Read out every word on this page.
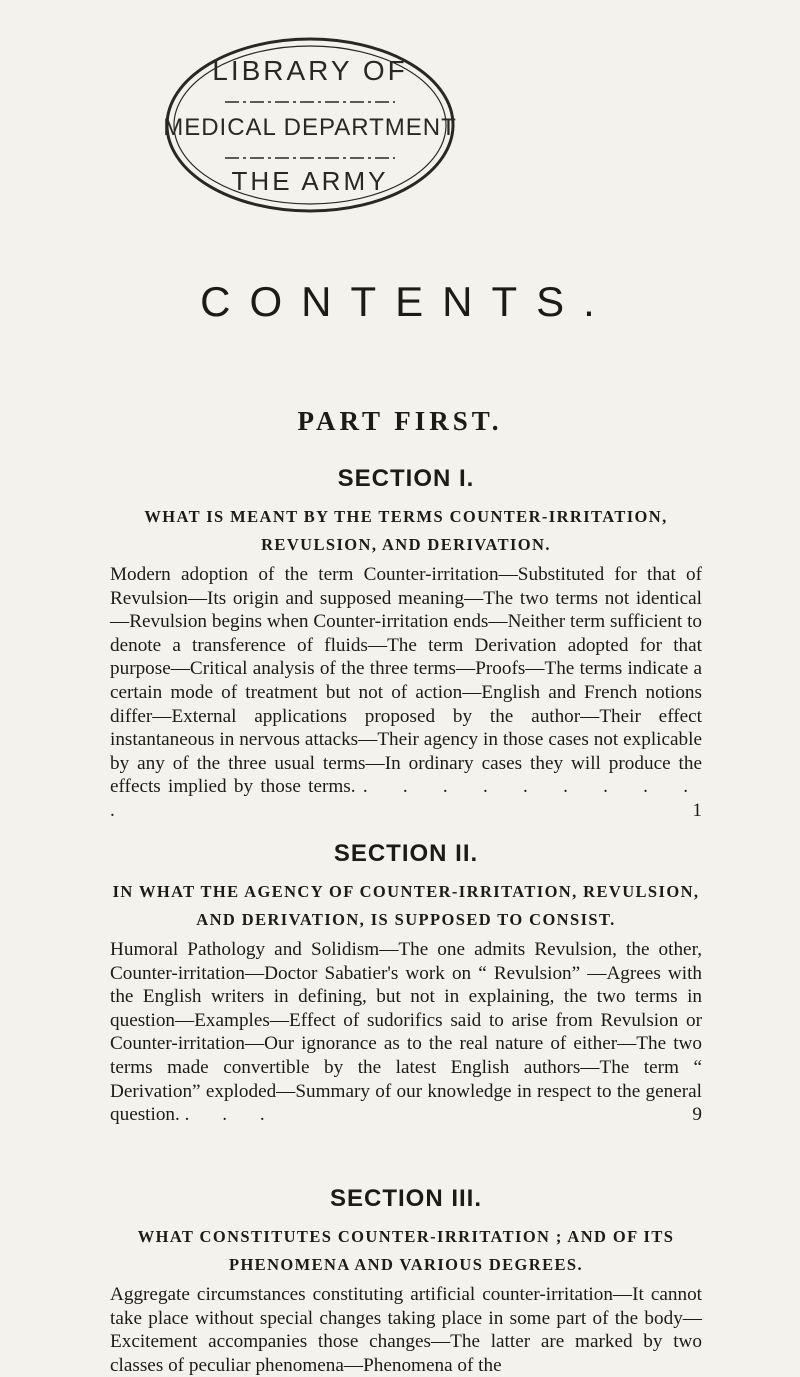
LIBRARY OF
MEDICAL DEPARTMENT
THE ARMY
CONTENTS.
PART FIRST.
SECTION I.
WHAT IS MEANT BY THE TERMS COUNTER-IRRITATION, REVULSION, AND DERIVATION.

Modern adoption of the term Counter-irritation—Substituted for that of Revulsion—Its origin and supposed meaning—The two terms not identical—Revulsion begins when Counter-irritation ends—Neither term sufficient to denote a transference of fluids—The term Derivation adopted for that purpose—Critical analysis of the three terms—Proofs—The terms indicate a certain mode of treatment but not of action—English and French notions differ—External applications proposed by the author—Their effect instantaneous in nervous attacks—Their agency in those cases not explicable by any of the three usual terms—In ordinary cases they will produce the effects implied by those terms. . . . . . . . . . .	1

SECTION II.
IN WHAT THE AGENCY OF COUNTER-IRRITATION, REVULSION, AND DERIVATION, IS SUPPOSED TO CONSIST.

Humoral Pathology and Solidism—The one admits Revulsion, the other, Counter-irritation—Doctor Sabatier's work on “ Revulsion” —Agrees with the English writers in defining, but not in explaining, the two terms in question—Examples—Effect of sudorifics said to arise from Revulsion or Counter-irritation—Our ignorance as to the real nature of either—The two terms made convertible by the latest English authors—The term “ Derivation” exploded—Summary of our knowledge in respect to the general question. . . .	9

SECTION III.
WHAT CONSTITUTES COUNTER-IRRITATION ; AND OF ITS PHENOMENA AND VARIOUS DEGREES.

Aggregate circumstances constituting artificial counter-irritation—It cannot take place without special changes taking place in some part of the body—Excitement accompanies those changes—The latter are marked by two classes of peculiar phenomena—Phenomena of the
